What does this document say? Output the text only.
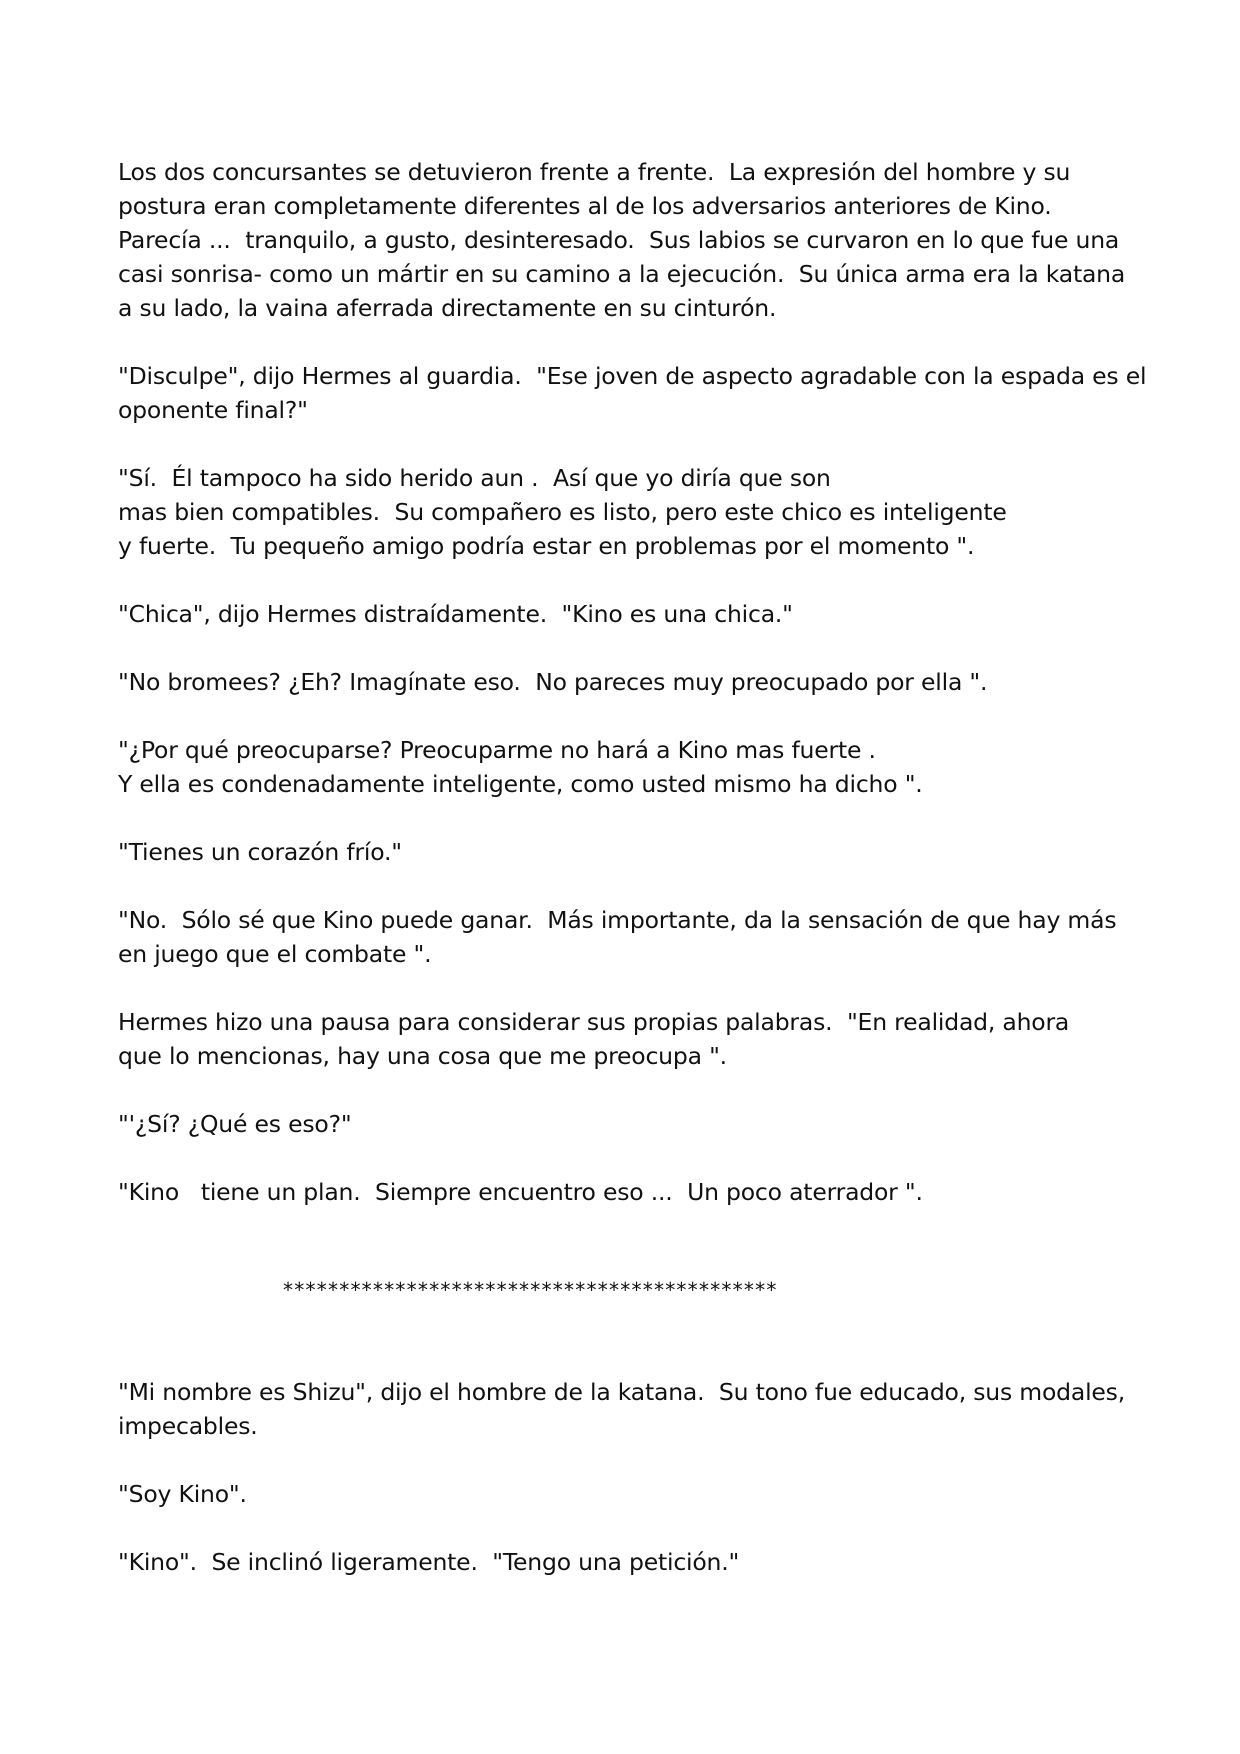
Los dos concursantes se detuvieron frente a frente.  La expresión del hombre y su
postura eran completamente diferentes al de los adversarios anteriores de Kino.
Parecía ...  tranquilo, a gusto, desinteresado.  Sus labios se curvaron en lo que fue una
casi sonrisa- como un mártir en su camino a la ejecución.  Su única arma era la katana
a su lado, la vaina aferrada directamente en su cinturón.

"Disculpe", dijo Hermes al guardia.  "Ese joven de aspecto agradable con la espada es el
oponente final?"

"Sí.  Él tampoco ha sido herido aun .  Así que yo diría que son
mas bien compatibles.  Su compañero es listo, pero este chico es inteligente
y fuerte.  Tu pequeño amigo podría estar en problemas por el momento ".

"Chica", dijo Hermes distraídamente.  "Kino es una chica."

"No bromees? ¿Eh? Imagínate eso.  No pareces muy preocupado por ella ".

"¿Por qué preocuparse? Preocuparme no hará a Kino mas fuerte .
Y ella es condenadamente inteligente, como usted mismo ha dicho ".

"Tienes un corazón frío."

"No.  Sólo sé que Kino puede ganar.  Más importante, da la sensación de que hay más
en juego que el combate ".

Hermes hizo una pausa para considerar sus propias palabras.  "En realidad, ahora
que lo mencionas, hay una cosa que me preocupa ".

"'¿Sí? ¿Qué es eso?"

"Kino   tiene un plan.  Siempre encuentro eso ...  Un poco aterrador ".

********************************************

"Mi nombre es Shizu", dijo el hombre de la katana.  Su tono fue educado, sus modales,
impecables.

"Soy Kino".

"Kino".  Se inclinó ligeramente.  "Tengo una petición."
